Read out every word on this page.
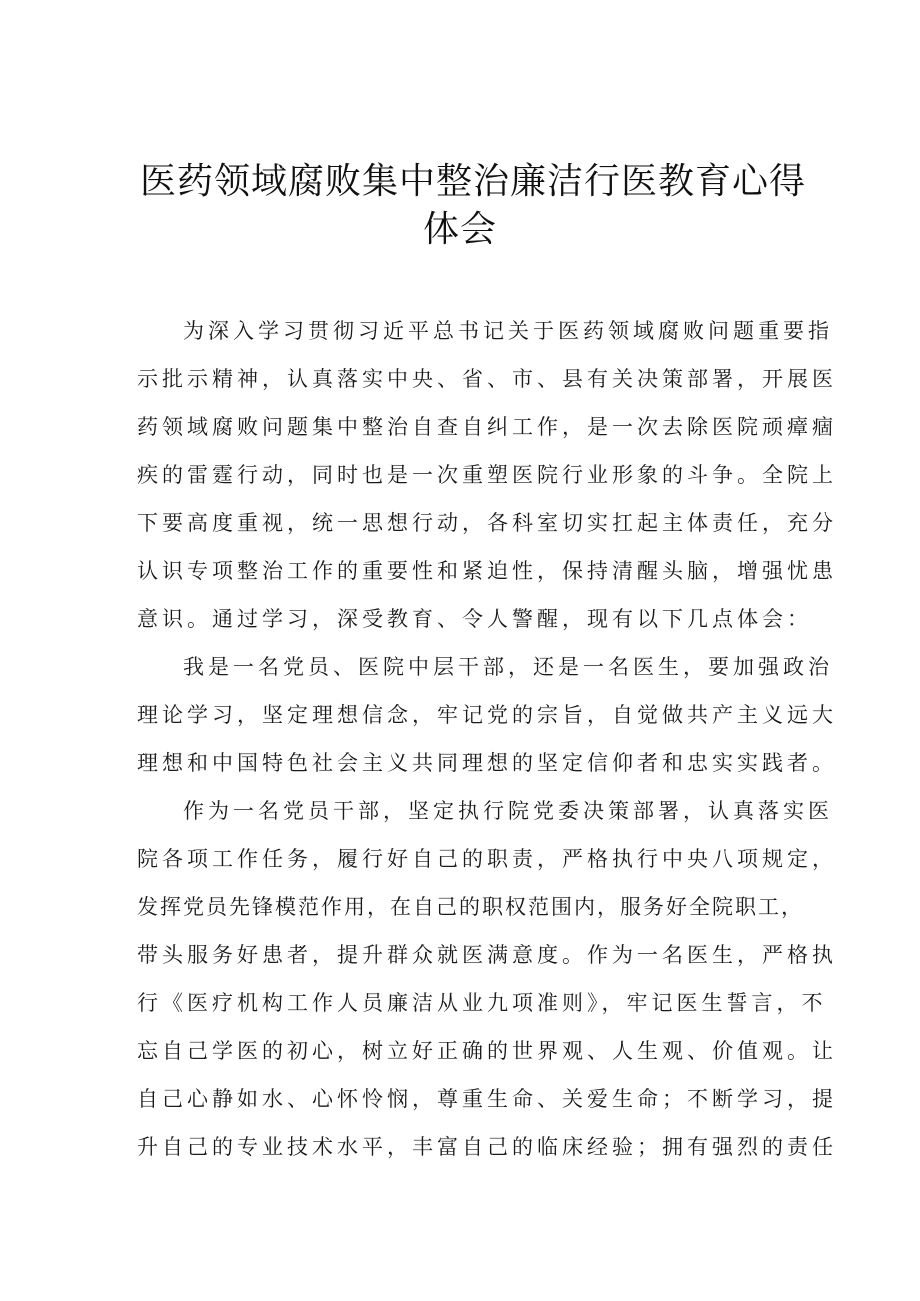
医药领域腐败集中整治廉洁行医教育心得
体会
为深入学习贯彻习近平总书记关于医药领域腐败问题重要指
示批示精神，认真落实中央、省、市、县有关决策部署，开展医
药领域腐败问题集中整治自查自纠工作，是一次去除医院顽瘴痼
疾的雷霆行动，同时也是一次重塑医院行业形象的斗争。全院上
下要高度重视，统一思想行动，各科室切实扛起主体责任，充分
认识专项整治工作的重要性和紧迫性，保持清醒头脑，增强忧患
意识。通过学习，深受教育、令人警醒，现有以下几点体会：
我是一名党员、医院中层干部，还是一名医生，要加强政治
理论学习，坚定理想信念，牢记党的宗旨，自觉做共产主义远大
理想和中国特色社会主义共同理想的坚定信仰者和忠实实践者。
作为一名党员干部，坚定执行院党委决策部署，认真落实医
院各项工作任务，履行好自己的职责，严格执行中央八项规定，
发挥党员先锋模范作用，在自己的职权范围内，服务好全院职工，
带头服务好患者，提升群众就医满意度。作为一名医生，严格执
行《医疗机构工作人员廉洁从业九项准则》，牢记医生誓言，不
忘自己学医的初心，树立好正确的世界观、人生观、价值观。让
自己心静如水、心怀怜悯，尊重生命、关爱生命；不断学习，提
升自己的专业技术水平，丰富自己的临床经验；拥有强烈的责任
